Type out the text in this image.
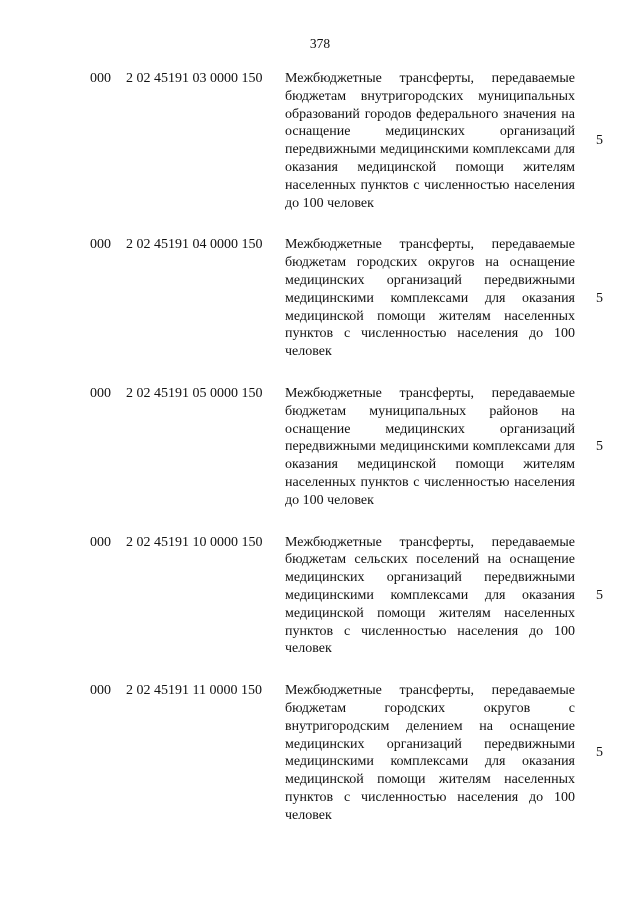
378
000 2 02 45191 03 0000 150 Межбюджетные трансферты, передаваемые бюджетам внутригородских муниципальных образований городов федерального значения на оснащение медицинских организаций передвижными медицинскими комплексами для оказания медицинской помощи жителям населенных пунктов с численностью населения до 100 человек
5
000 2 02 45191 04 0000 150 Межбюджетные трансферты, передаваемые бюджетам городских округов на оснащение медицинских организаций передвижными медицинскими комплексами для оказания медицинской помощи жителям населенных пунктов с численностью населения до 100 человек
5
000 2 02 45191 05 0000 150 Межбюджетные трансферты, передаваемые бюджетам муниципальных районов на оснащение медицинских организаций передвижными медицинскими комплексами для оказания медицинской помощи жителям населенных пунктов с численностью населения до 100 человек
5
000 2 02 45191 10 0000 150 Межбюджетные трансферты, передаваемые бюджетам сельских поселений на оснащение медицинских организаций передвижными медицинскими комплексами для оказания медицинской помощи жителям населенных пунктов с численностью населения до 100 человек
5
000 2 02 45191 11 0000 150 Межбюджетные трансферты, передаваемые бюджетам городских округов с внутригородским делением на оснащение медицинских организаций передвижными медицинскими комплексами для оказания медицинской помощи жителям населенных пунктов с численностью населения до 100 человек
5
